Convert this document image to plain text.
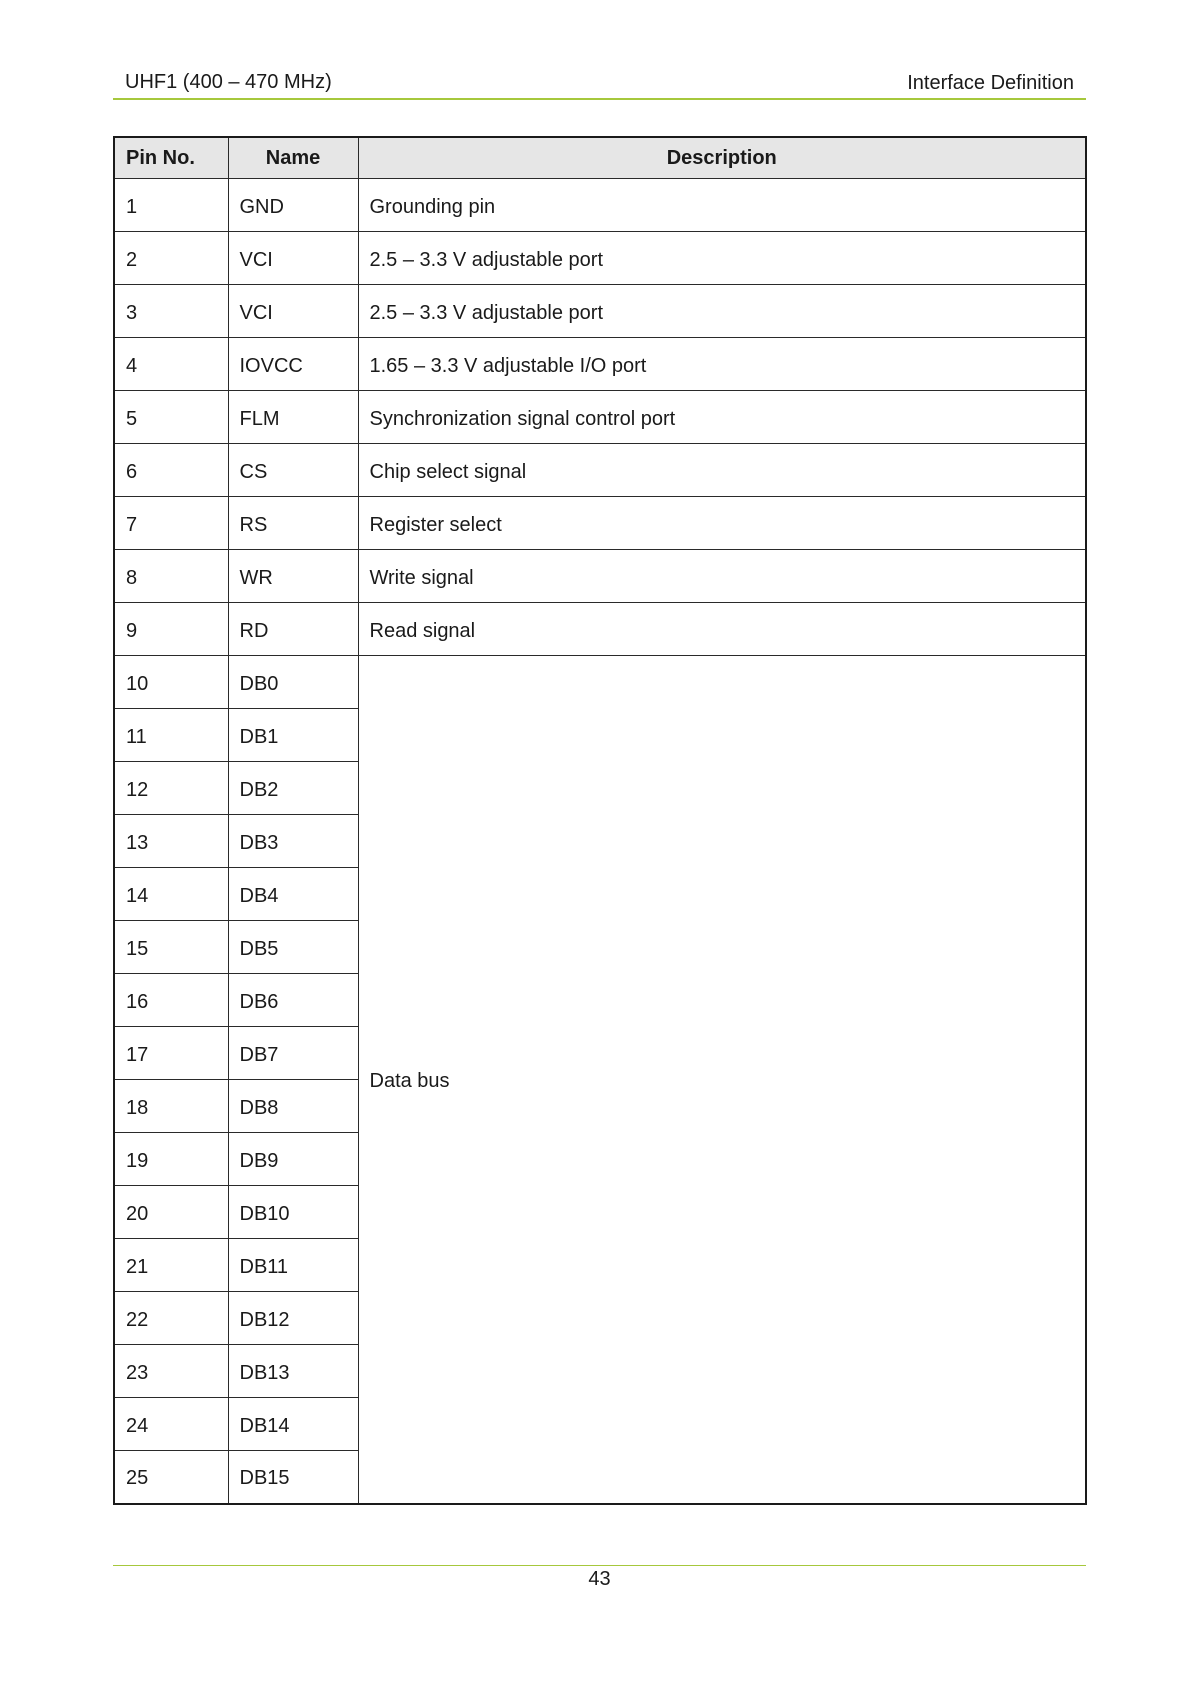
UHF1 (400 – 470 MHz)	Interface Definition
Pin No.	Name	Description
1	GND	Grounding pin
2	VCI	2.5 – 3.3 V adjustable port
3	VCI	2.5 – 3.3 V adjustable port
4	IOVCC	1.65 – 3.3 V adjustable I/O port
5	FLM	Synchronization signal control port
6	CS	Chip select signal
7	RS	Register select
8	WR	Write signal
9	RD	Read signal
10	DB0	Data bus
11	DB1	
12	DB2	
13	DB3	
14	DB4	
15	DB5	
16	DB6	
17	DB7	
18	DB8	
19	DB9	
20	DB10	
21	DB11	
22	DB12	
23	DB13	
24	DB14	
25	DB15	
43
